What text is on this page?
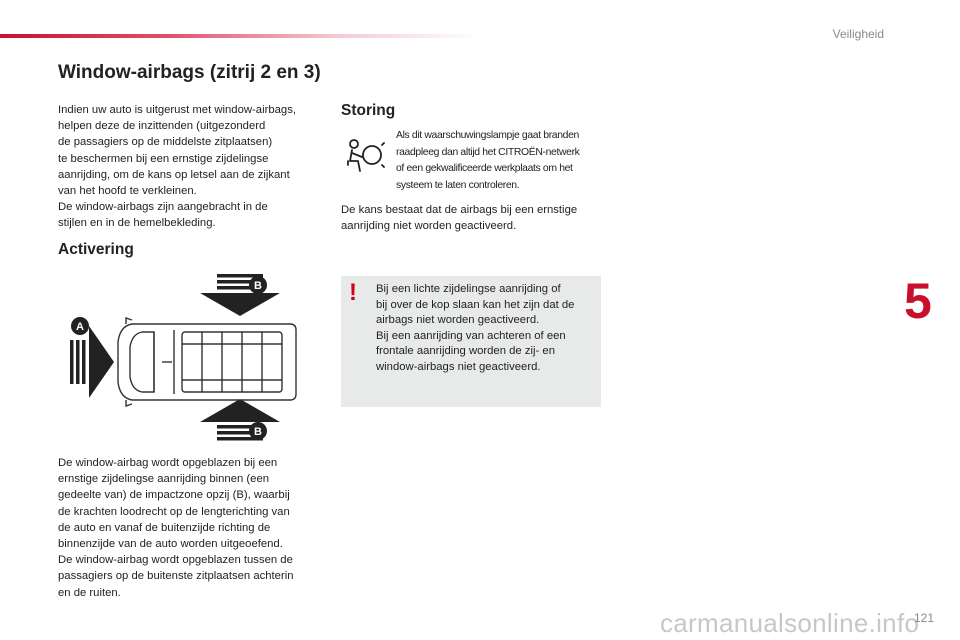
Veiligheid
Window-airbags (zitrij 2 en 3)

Indien uw auto is uitgerust met window-airbags,
helpen deze de inzittenden (uitgezonderd
de passagiers op de middelste zitplaatsen)
te beschermen bij een ernstige zijdelingse
aanrijding, om de kans op letsel aan de zijkant
van het hoofd te verkleinen.
De window-airbags zijn aangebracht in de
stijlen en in de hemelbekleding.

Activering
A
B
B

De window-airbag wordt opgeblazen bij een
ernstige zijdelingse aanrijding binnen (een
gedeelte van) de impactzone opzij (B), waarbij
de krachten loodrecht op de lengterichting van
de auto en vanaf de buitenzijde richting de
binnenzijde van de auto worden uitgeoefend.
De window-airbag wordt opgeblazen tussen de
passagiers op de buitenste zitplaatsen achterin
en de ruiten.

Storing
Als dit waarschuwingslampje gaat branden
raadpleeg dan altijd het CITROËN-netwerk
of een gekwalificeerde werkplaats om het
systeem te laten controleren.

De kans bestaat dat de airbags bij een ernstige
aanrijding niet worden geactiveerd.

! Bij een lichte zijdelingse aanrijding of
bij over de kop slaan kan het zijn dat de
airbags niet worden geactiveerd.
Bij een aanrijding van achteren of een
frontale aanrijding worden de zij- en
window-airbags niet geactiveerd.
5
carmanualsonline.info
121
